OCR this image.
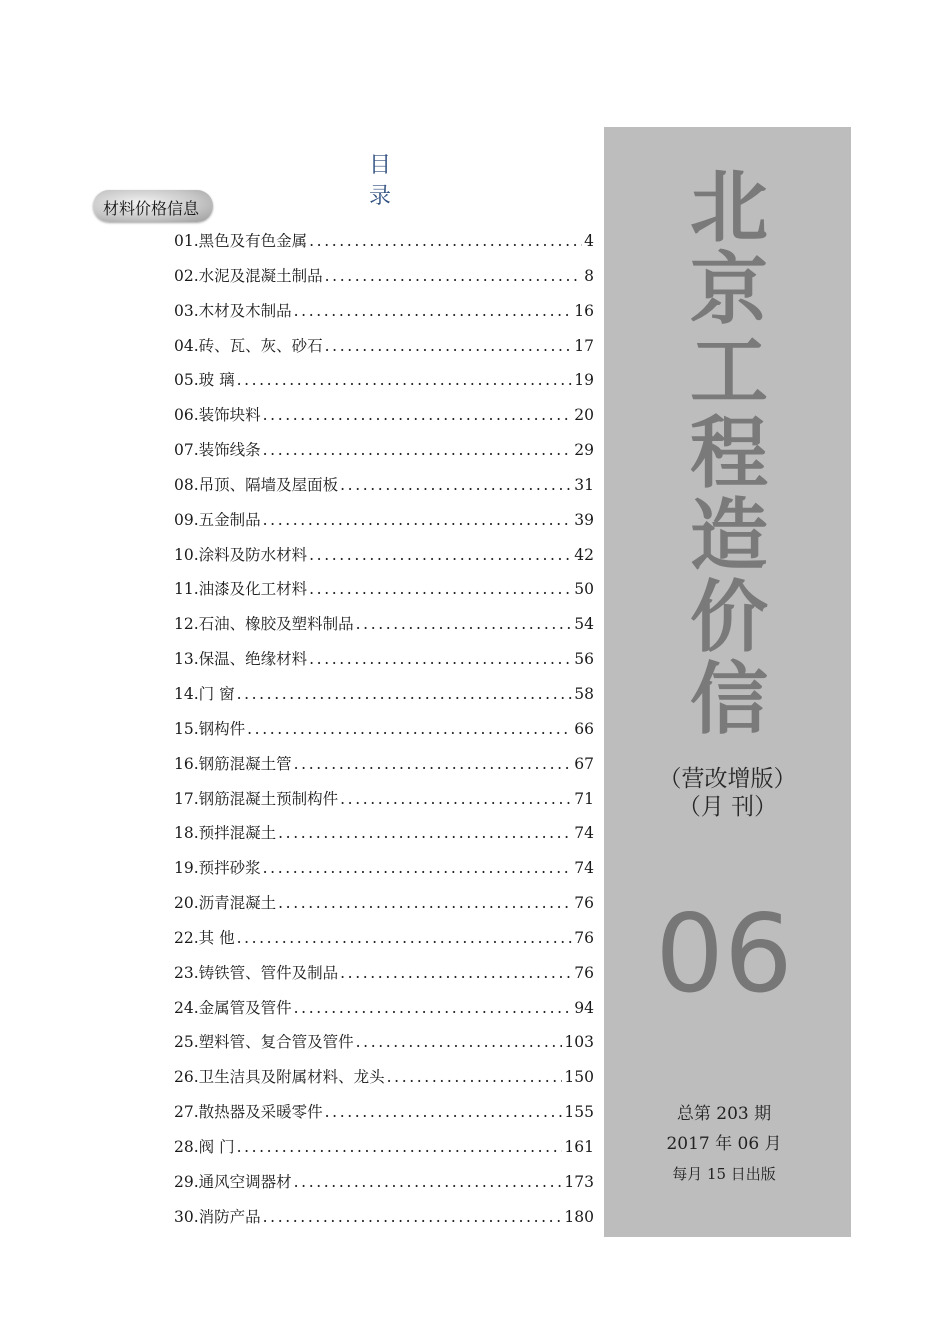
目 录
材料价格信息
01.黑色及有色金属 .....	4
02.水泥及混凝土制品 .....	8
03.木材及木制品 .....	16
04.砖、瓦、灰、砂石 .....	17
05.玻 璃 .....	19
06.装饰块料 .....	20
07.装饰线条 .....	29
08.吊顶、隔墙及屋面板 .....	31
09.五金制品 .....	39
10.涂料及防水材料 .....	42
11.油漆及化工材料 .....	50
12.石油、橡胶及塑料制品 .....	54
13.保温、绝缘材料 .....	56
14.门 窗 .....	58
15.钢构件 .....	66
16.钢筋混凝土管 .....	67
17.钢筋混凝土预制构件 .....	71
18.预拌混凝土 .....	74
19.预拌砂浆 .....	74
20.沥青混凝土 .....	76
22.其 他 .....	76
23.铸铁管、管件及制品 .....	76
24.金属管及管件 .....	94
25.塑料管、复合管及管件 .....	103
26.卫生洁具及附属材料、龙头 .....	150
27.散热器及采暖零件 .....	155
28.阀 门 .....	161
29.通风空调器材 .....	173
30.消防产品 .....	180
北
京
工
程
造
价
信
（营改增版）
（月 刊）
06
总第 203 期
2017 年 06 月
每月 15 日出版
